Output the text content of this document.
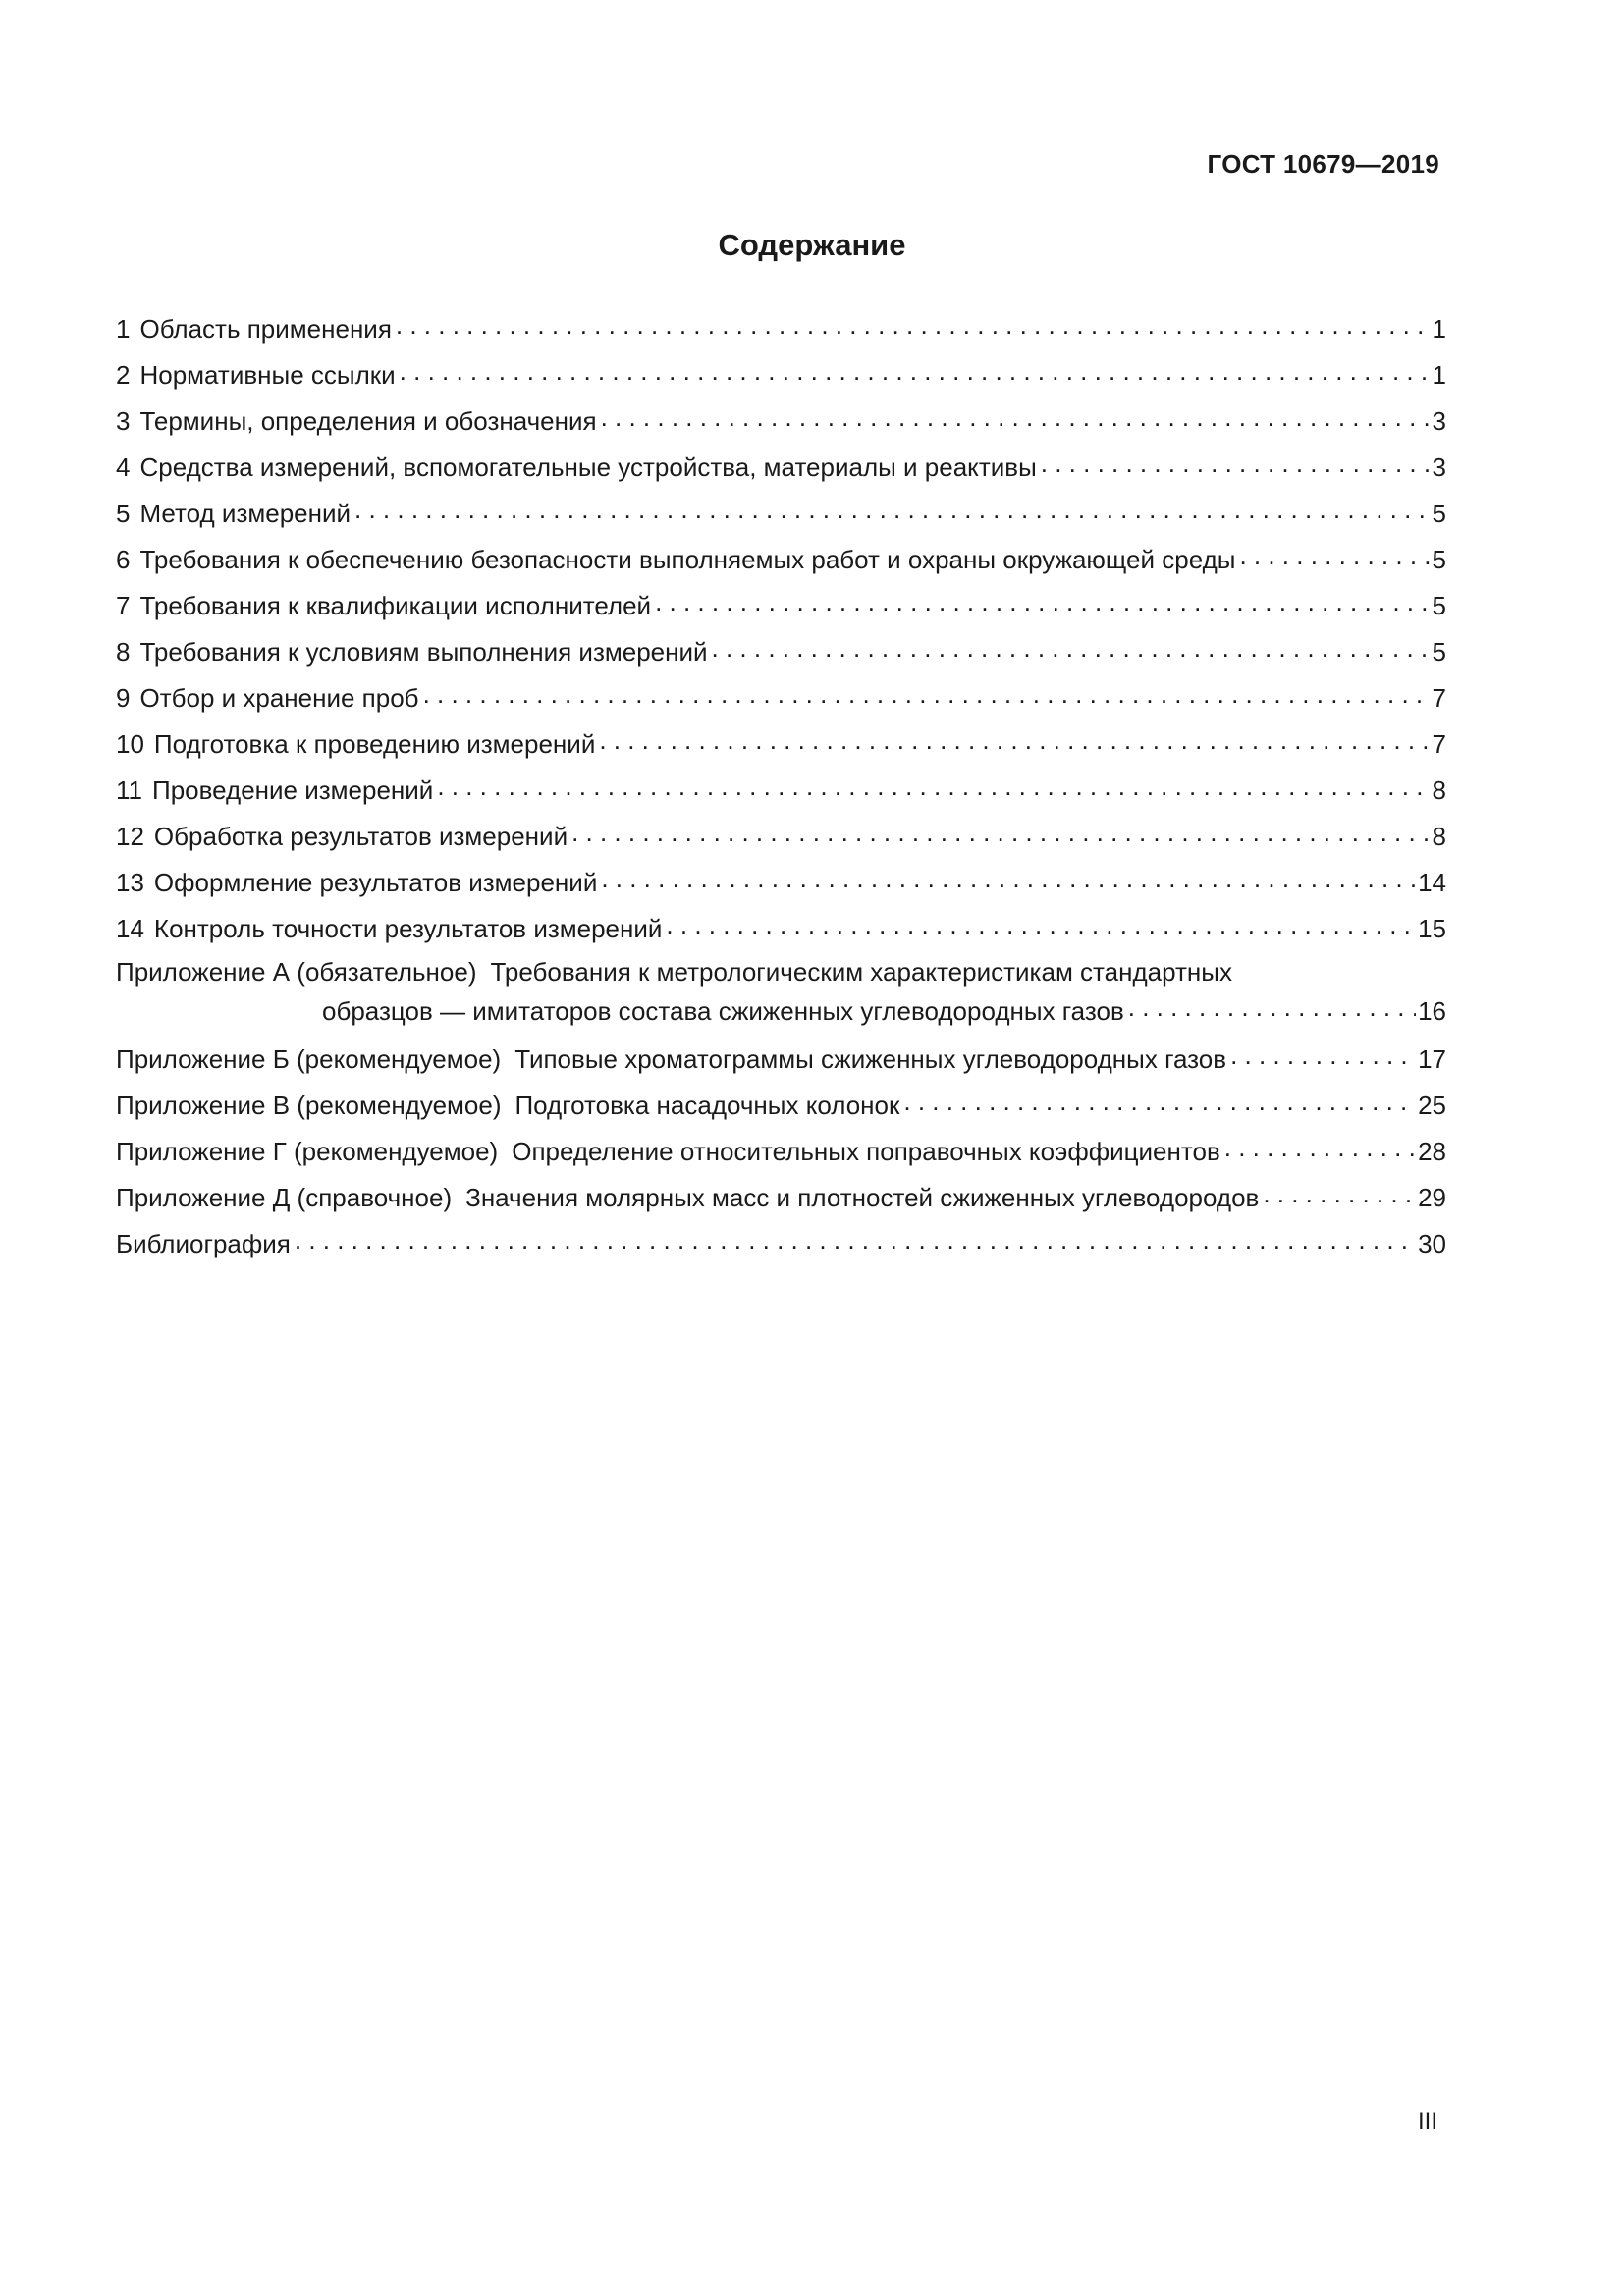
ГОСТ 10679—2019
Содержание
1 Область применения . . .	1
2 Нормативные ссылки . . .	1
3 Термины, определения и обозначения . . .	3
4 Средства измерений, вспомогательные устройства, материалы и реактивы . . .	3
5 Метод измерений . . .	5
6 Требования к обеспечению безопасности выполняемых работ и охраны окружающей среды . . .	5
7 Требования к квалификации исполнителей . . .	5
8 Требования к условиям выполнения измерений . . .	5
9 Отбор и хранение проб . . .	7
10 Подготовка к проведению измерений . . .	7
11 Проведение измерений . . .	8
12 Обработка результатов измерений . . .	8
13 Оформление результатов измерений . . .	14
14 Контроль точности результатов измерений . . .	15
Приложение А (обязательное) Требования к метрологическим характеристикам стандартных
образцов — имитаторов состава сжиженных углеводородных газов . . .	16
Приложение Б (рекомендуемое) Типовые хроматограммы сжиженных углеводородных газов . . .	17
Приложение В (рекомендуемое) Подготовка насадочных колонок . . .	25
Приложение Г (рекомендуемое) Определение относительных поправочных коэффициентов . . .	28
Приложение Д (справочное) Значения молярных масс и плотностей сжиженных углеводородов . . .	29
Библиография . . .	30
III
